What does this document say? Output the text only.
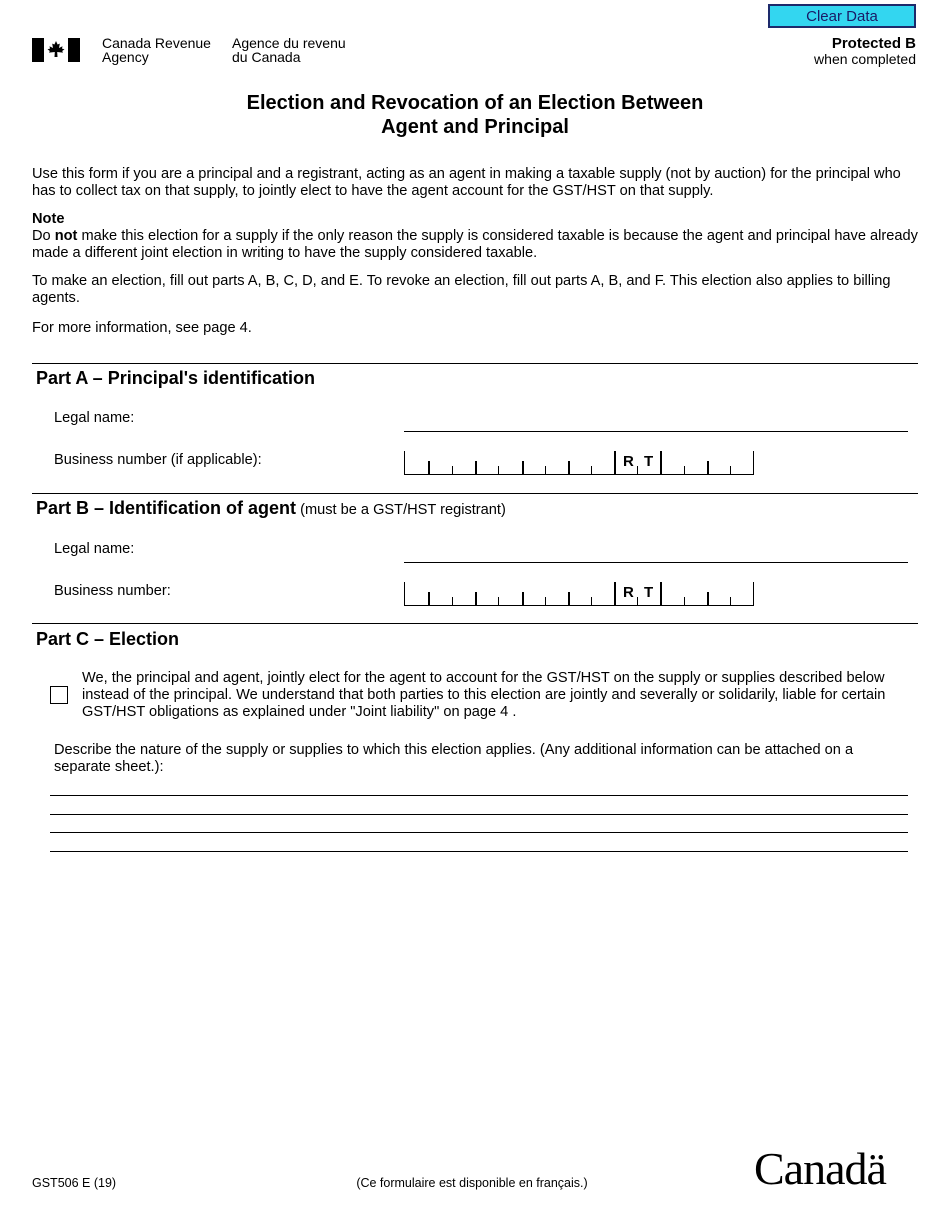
Clear Data
Canada Revenue
Agency
Agence du revenu
du Canada
Protected B
when completed
Election and Revocation of an Election Between
Agent and Principal
Use this form if you are a principal and a registrant, acting as an agent in making a taxable supply (not by auction) for the principal who has to collect tax on that supply, to jointly elect to have the agent account for the GST/HST on that supply.
Note
Do not make this election for a supply if the only reason the supply is considered taxable is because the agent and principal have already made a different joint election in writing to have the supply considered taxable.
To make an election, fill out parts A, B, C, D, and E. To revoke an election, fill out parts A, B, and F. This election also applies to billing agents.
For more information, see page 4.
Part A – Principal's identification
Legal name:
Business number (if applicable):	R T
Part B – Identification of agent (must be a GST/HST registrant)
Legal name:
Business number:	R T
Part C – Election
We, the principal and agent, jointly elect for the agent to account for the GST/HST on the supply or supplies described below instead of the principal. We understand that both parties to this election are jointly and severally or solidarily, liable for certain GST/HST obligations as explained under "Joint liability" on page 4 .
Describe the nature of the supply or supplies to which this election applies. (Any additional information can be attached on a separate sheet.):
GST506 E (19)	(Ce formulaire est disponible en français.)	Canadä
